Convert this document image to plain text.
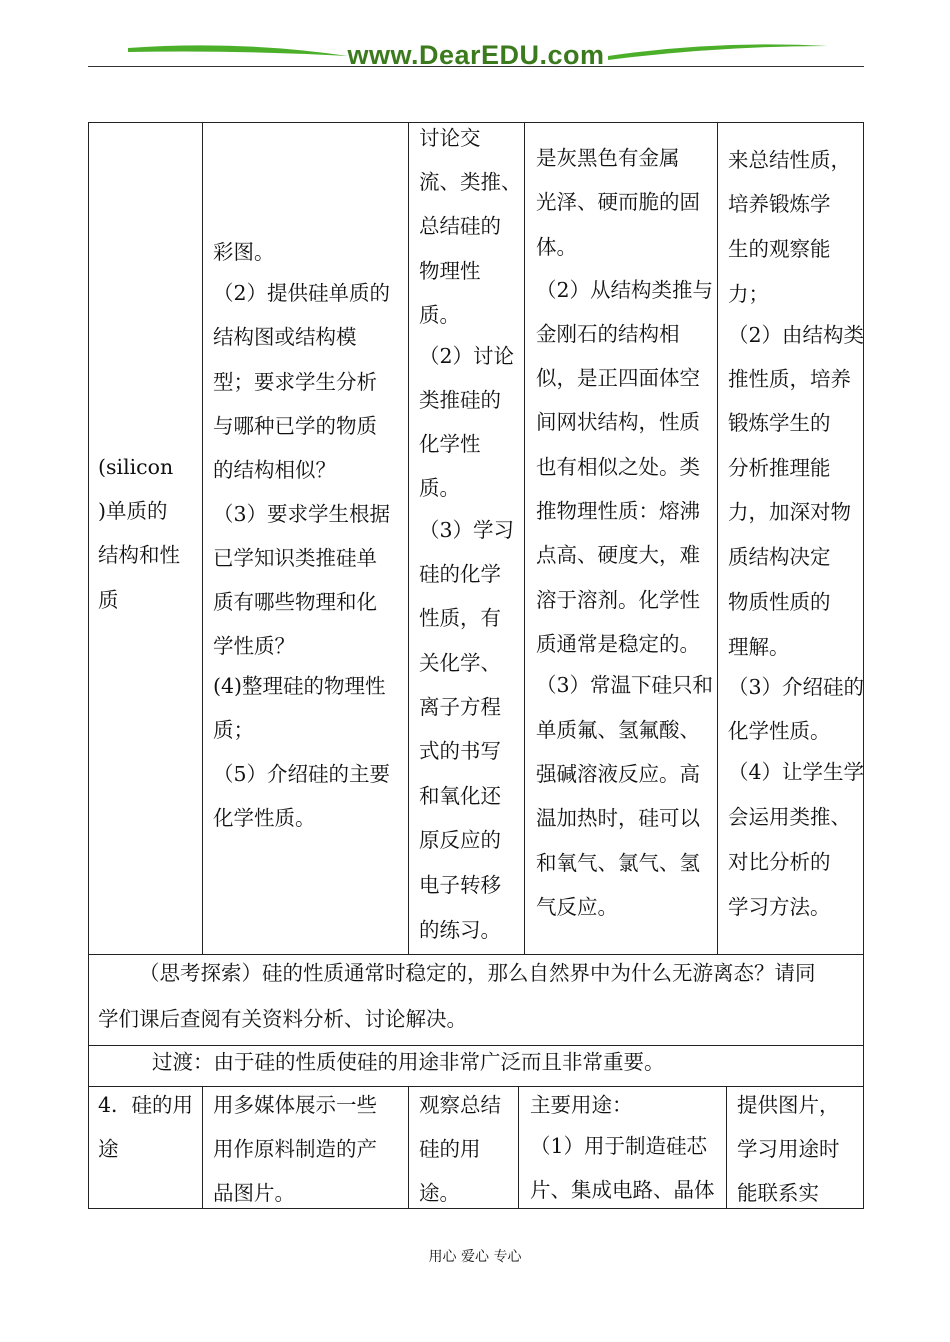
www.DearEDU.com
(silicon
)单质的
结构和性
质
彩图。
（2）提供硅单质的
结构图或结构模
型；要求学生分析
与哪种已学的物质
的结构相似？
（3）要求学生根据
已学知识类推硅单
质有哪些物理和化
学性质？
(4)整理硅的物理性
质；
（5）介绍硅的主要
化学性质。
讨论交
流、类推、
总结硅的
物理性
质。
（2）讨论
类推硅的
化学性
质。
（3）学习
硅的化学
性质，有
关化学、
离子方程
式的书写
和氧化还
原反应的
电子转移
的练习。
是灰黑色有金属
光泽、硬而脆的固
体。
（2）从结构类推与
金刚石的结构相
似，是正四面体空
间网状结构，性质
也有相似之处。类
推物理性质：熔沸
点高、硬度大，难
溶于溶剂。化学性
质通常是稳定的。
（3）常温下硅只和
单质氟、氢氟酸、
强碱溶液反应。高
温加热时，硅可以
和氧气、氯气、氢
气反应。
来总结性质，
培养锻炼学
生的观察能
力；
（2）由结构类
推性质，培养
锻炼学生的
分析推理能
力，加深对物
质结构决定
物质性质的
理解。
（3）介绍硅的
化学性质。
（4）让学生学
会运用类推、
对比分析的
学习方法。
（思考探索）硅的性质通常时稳定的，那么自然界中为什么无游离态？请同
学们课后查阅有关资料分析、讨论解决。
过渡：由于硅的性质使硅的用途非常广泛而且非常重要。
4．硅的用
途
用多媒体展示一些
用作原料制造的产
品图片。
观察总结
硅的用
途。
主要用途：
（1）用于制造硅芯
片、集成电路、晶体
提供图片，
学习用途时
能联系实
用心 爱心 专心
